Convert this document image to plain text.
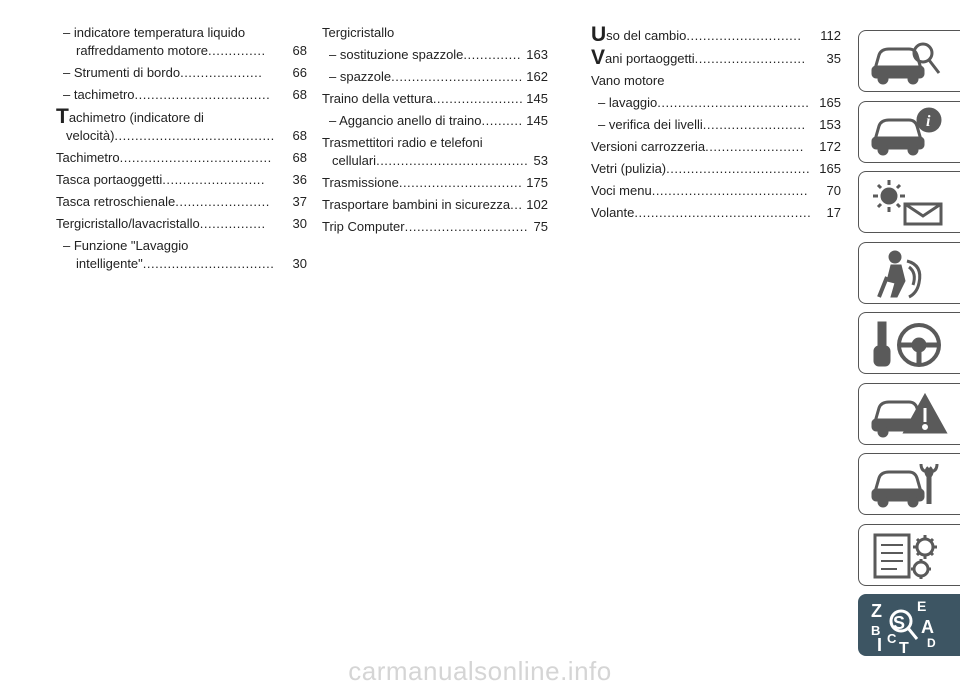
– indicatore temperatura liquido
raffreddamento motore..............	68
– Strumenti di bordo....................	66
– tachimetro.................................	68
Tachimetro (indicatore di
velocità).......................................	68
Tachimetro.....................................	68
Tasca portaoggetti.........................	36
Tasca retroschienale.......................	37
Tergicristallo/lavacristallo................	30
– Funzione "Lavaggio
intelligente"................................	30
Tergicristallo
– sostituzione spazzole.............. 163
– spazzole................................ 162
Traino della vettura...................... 145
– Aggancio anello di traino.......... 145
Trasmettitori radio e telefoni
cellulari..................................... 53
Trasmissione.............................. 175
Trasportare bambini in sicurezza... 102
Trip Computer.............................. 75
Uso del cambio............................	112
Vani portaoggetti...........................	35
Vano motore
– lavaggio..................................... 165
– verifica dei livelli.........................	153
Versioni carrozzeria........................	172
Vetri (pulizia)................................... 165
Voci menu......................................	70
Volante...........................................	17
i
Z	E
B A
I C
T D
S
carmanualsonline.info
